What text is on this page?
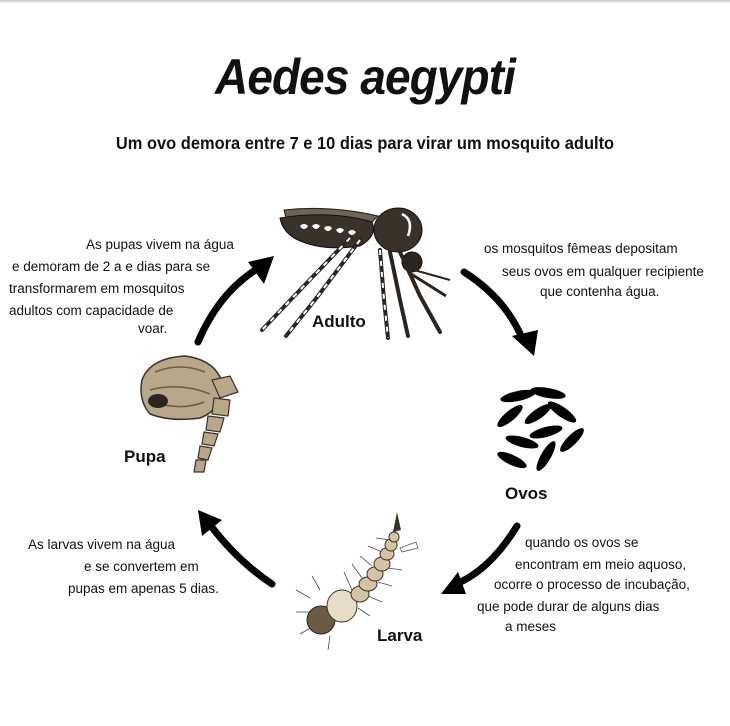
Aedes aegypti
Um ovo demora entre 7 e 10 dias para virar um mosquito adulto
Adulto
Ovos
Larva
Pupa
As pupas vivem na água
e demoram de 2 a e dias para se
transformarem em mosquitos
adultos com capacidade de
voar.
os mosquitos fêmeas depositam
seus ovos em qualquer recipiente
que contenha água.
quando os ovos se
encontram em meio aquoso,
ocorre o processo de incubação,
que pode durar de alguns dias
a meses
As larvas vivem na água
e se convertem em
pupas em apenas 5 dias.
